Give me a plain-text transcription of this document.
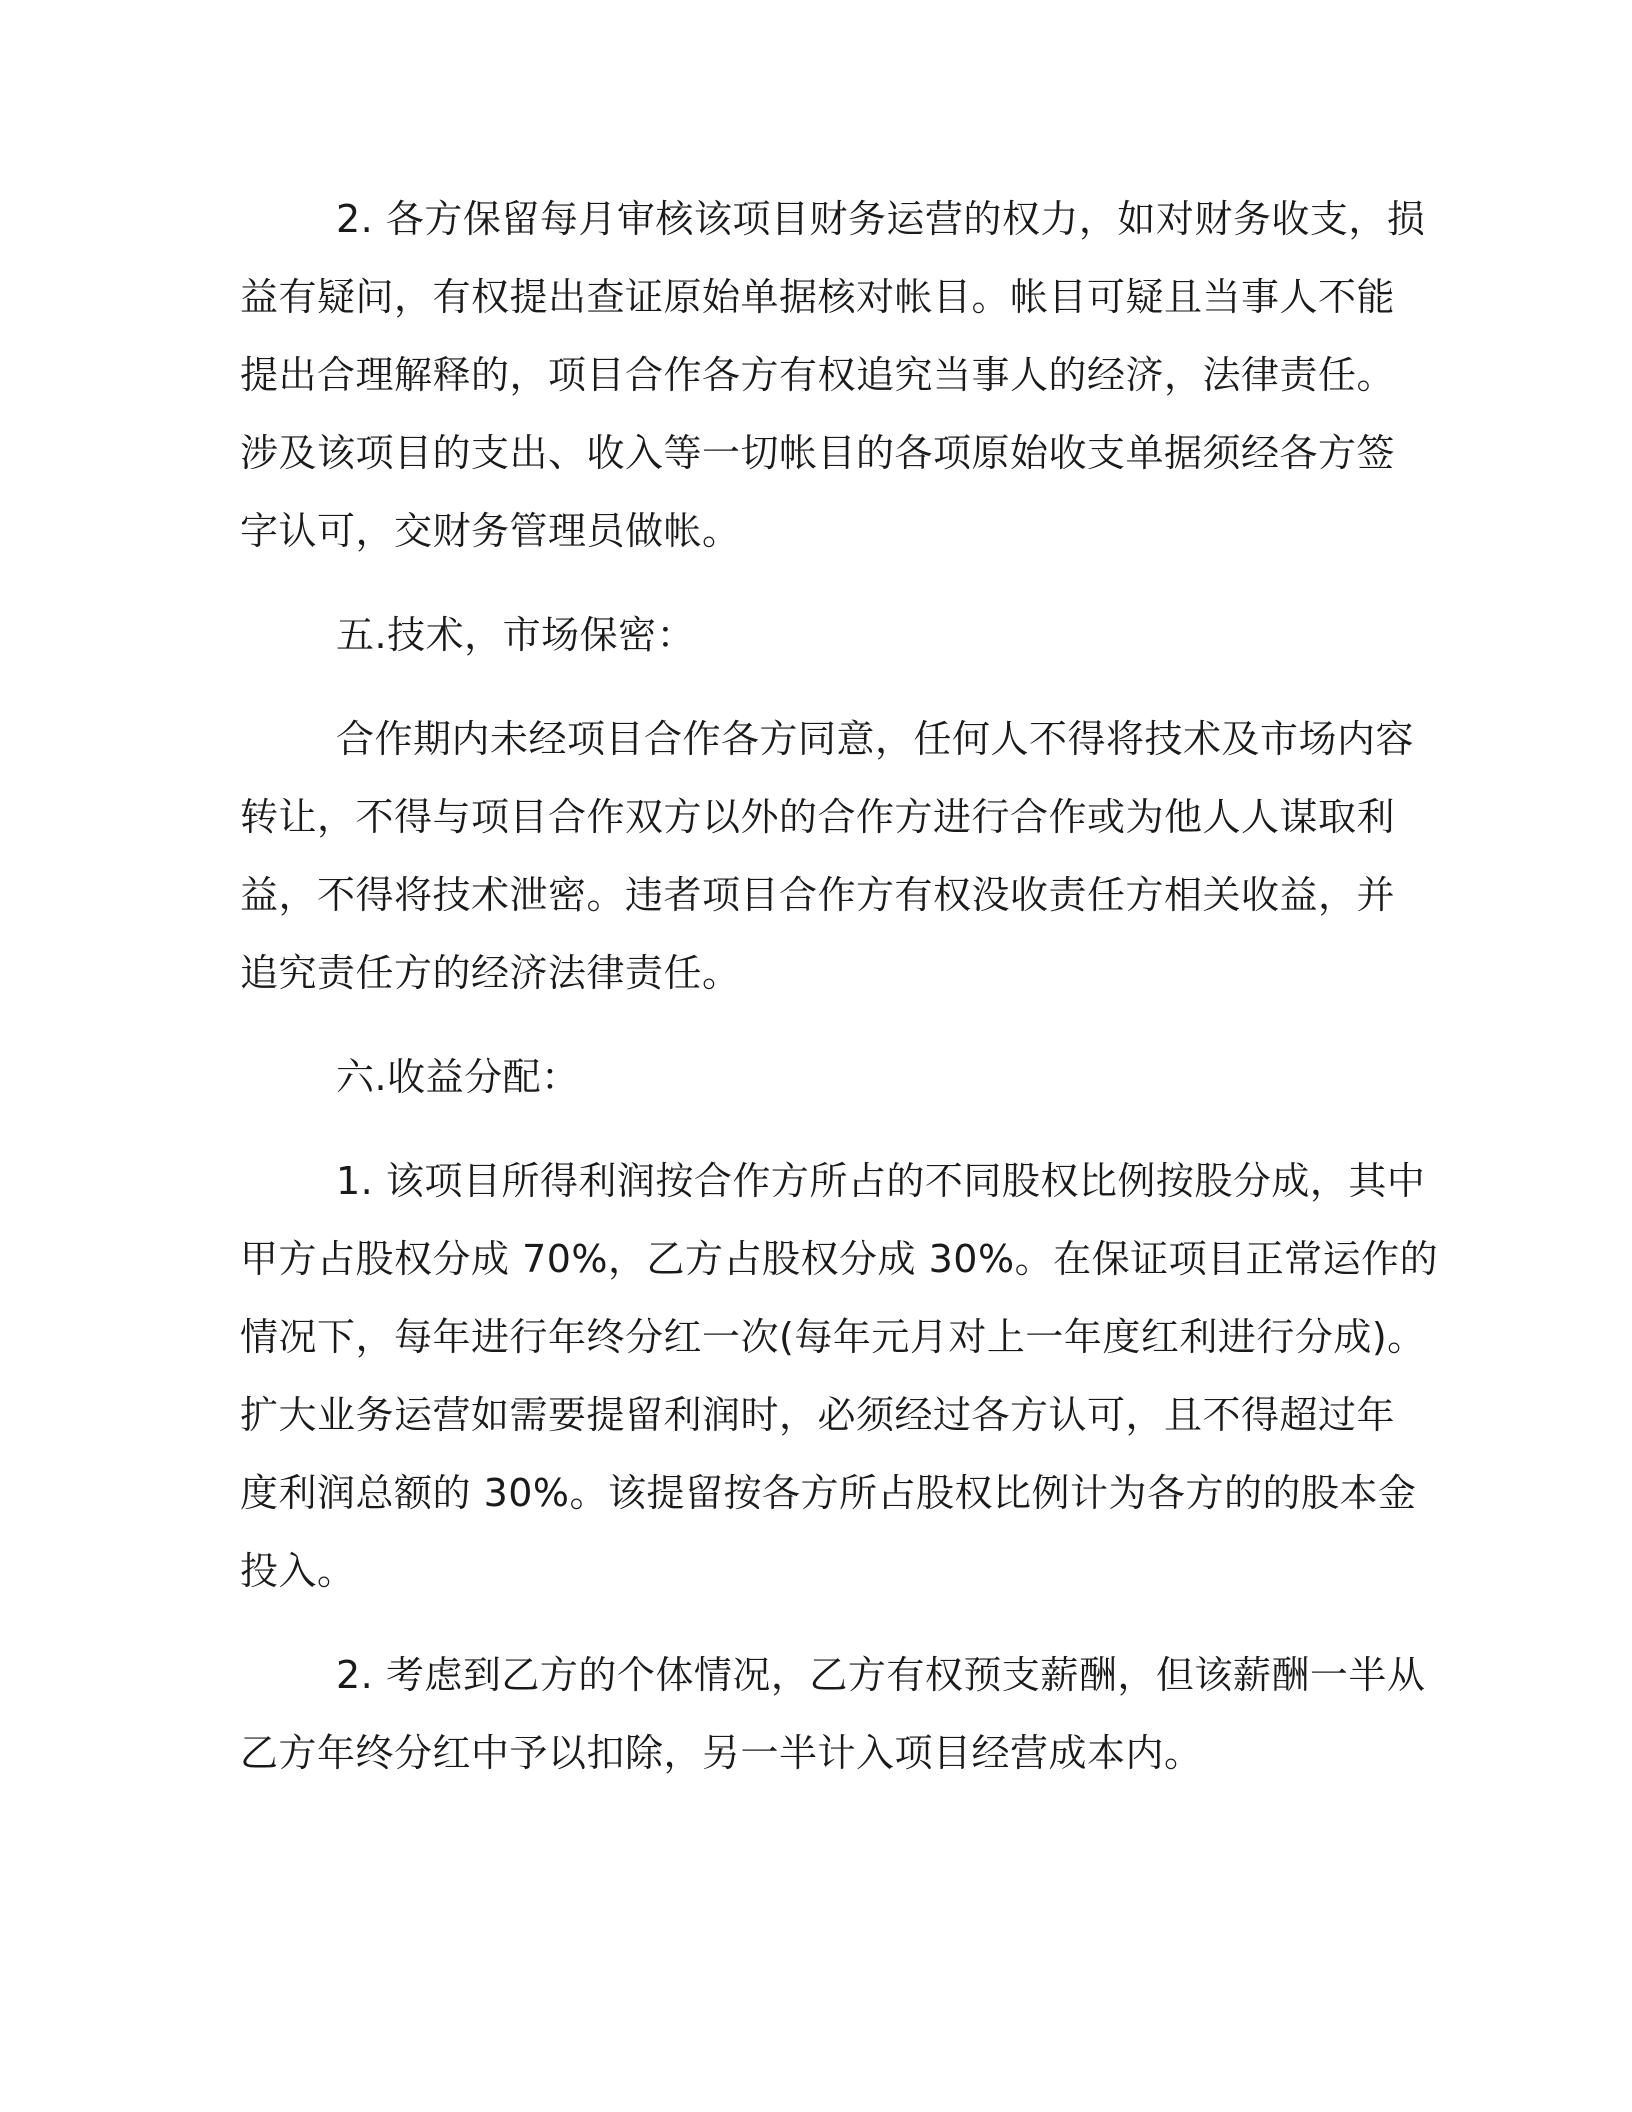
2. 各方保留每月审核该项目财务运营的权力，如对财务收支，损
益有疑问，有权提出查证原始单据核对帐目。帐目可疑且当事人不能
提出合理解释的，项目合作各方有权追究当事人的经济，法律责任。
涉及该项目的支出、收入等一切帐目的各项原始收支单据须经各方签
字认可，交财务管理员做帐。

五.技术，市场保密：

合作期内未经项目合作各方同意，任何人不得将技术及市场内容
转让，不得与项目合作双方以外的合作方进行合作或为他人人谋取利
益，不得将技术泄密。违者项目合作方有权没收责任方相关收益，并
追究责任方的经济法律责任。

六.收益分配：

1. 该项目所得利润按合作方所占的不同股权比例按股分成，其中
甲方占股权分成 70%，乙方占股权分成 30%。在保证项目正常运作的
情况下，每年进行年终分红一次(每年元月对上一年度红利进行分成)。
扩大业务运营如需要提留利润时，必须经过各方认可，且不得超过年
度利润总额的 30%。该提留按各方所占股权比例计为各方的的股本金
投入。

2. 考虑到乙方的个体情况，乙方有权预支薪酬，但该薪酬一半从
乙方年终分红中予以扣除，另一半计入项目经营成本内。
